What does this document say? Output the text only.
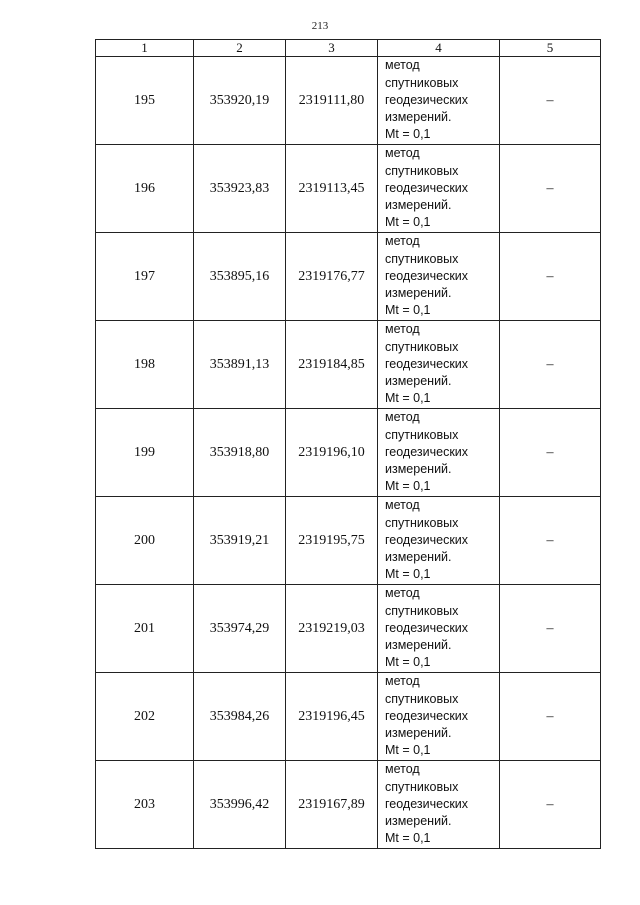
213
1	2	3	4	5
195	353920,19	2319111,80	метод
спутниковых
геодезических
измерений.
Mt = 0,1	–
196	353923,83	2319113,45	метод
спутниковых
геодезических
измерений.
Mt = 0,1	–
197	353895,16	2319176,77	метод
спутниковых
геодезических
измерений.
Mt = 0,1	–
198	353891,13	2319184,85	метод
спутниковых
геодезических
измерений.
Mt = 0,1	–
199	353918,80	2319196,10	метод
спутниковых
геодезических
измерений.
Mt = 0,1	–
200	353919,21	2319195,75	метод
спутниковых
геодезических
измерений.
Mt = 0,1	–
201	353974,29	2319219,03	метод
спутниковых
геодезических
измерений.
Mt = 0,1	–
202	353984,26	2319196,45	метод
спутниковых
геодезических
измерений.
Mt = 0,1	–
203	353996,42	2319167,89	метод
спутниковых
геодезических
измерений.
Mt = 0,1	–
